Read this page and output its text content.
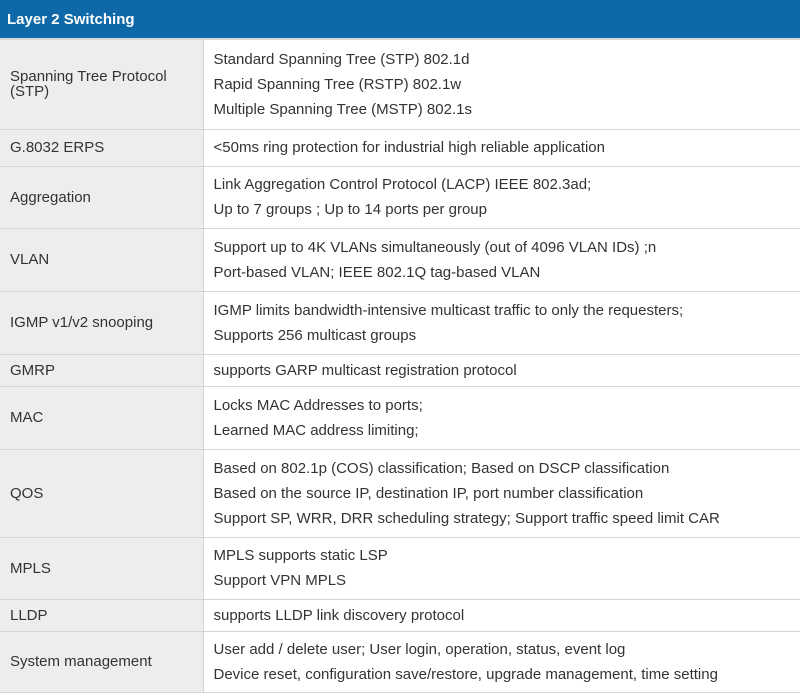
Layer 2 Switching	
Spanning Tree Protocol
(STP)	Standard Spanning Tree (STP) 802.1d
Rapid Spanning Tree (RSTP) 802.1w
Multiple Spanning Tree (MSTP) 802.1s

G.8032 ERPS	<50ms ring protection for industrial high reliable application

Aggregation	Link Aggregation Control Protocol (LACP) IEEE 802.3ad;
Up to 7 groups ; Up to 14 ports per group

VLAN	Support up to 4K VLANs simultaneously (out of 4096 VLAN IDs) ;n
Port-based VLAN; IEEE 802.1Q tag-based VLAN

IGMP v1/v2 snooping	IGMP limits bandwidth-intensive multicast traffic to only the requesters;
Supports 256 multicast groups

GMRP	supports GARP multicast registration protocol

MAC	Locks MAC Addresses to ports;
Learned MAC address limiting;

QOS	Based on 802.1p (COS) classification; Based on DSCP classification
Based on the source IP, destination IP, port number classification
Support SP, WRR, DRR scheduling strategy; Support traffic speed limit CAR

MPLS	MPLS supports static LSP
Support VPN MPLS

LLDP	supports LLDP link discovery protocol

System management	User add / delete user; User login, operation, status, event log
Device reset, configuration save/restore, upgrade management, time setting
